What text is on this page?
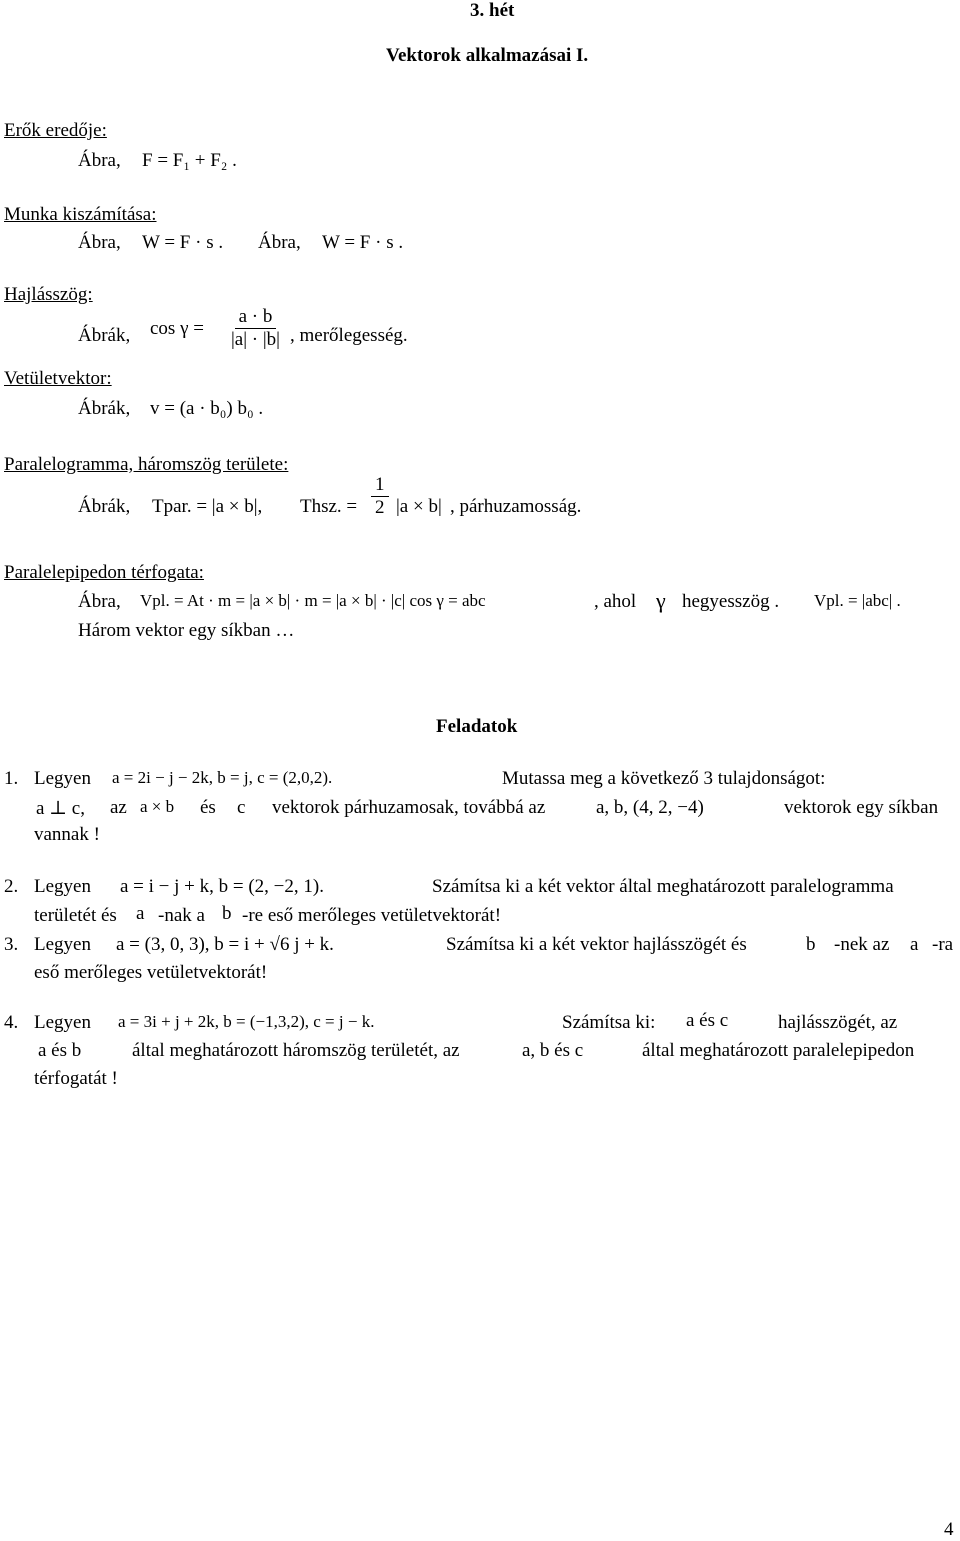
3. hét
Vektorok alkalmazásai I.
Erők eredője:
Ábra, F = F₁ + F₂ .
Munka kiszámítása:
Ábra, W = F · s . Ábra, W = F · s .
Hajlásszög:
Ábrák, $\cos \gamma = \frac{a \cdot b}{|a| \cdot |b|}$ , merőlegesség.
Vetületvektor:
Ábrák, v = (a · b₀) b₀ .
Paralelogramma, háromszög területe:
Ábrák, Tpar. = |a × b|, Thsz. = $\frac{1}{2} |a \times b|$ , párhuzamosság.
Paralelepipedon térfogata:
Ábra, Vpl. = At · m = |a × b| · m = |a × b| · |c| cos γ = abc	, ahol γ hegyesszög . Vpl. = |abc| .
Három vektor egy síkban …
Feladatok
1. Legyen a = 2i − j − 2k, b = j, c = (2,0,2).	Mutassa meg a következő 3 tulajdonságot:
a ⊥ c, az a × b és c vektorok párhuzamosak, továbbá az	a, b, (4, 2, −4)	vektorok egy síkban
vannak !
2. Legyen a = i − j + k, b = (2, −2, 1).	Számítsa ki a két vektor által meghatározott paralelogramma
területét és a -nak a b -re eső merőleges vetületvektorát!
3. Legyen a = (3, 0, 3), b = i + √6 j + k.	Számítsa ki a két vektor hajlásszögét és	b -nek az a -ra
eső merőleges vetületvektorát!
4. Legyen a = 3i + j + 2k, b = (−1,3,2), c = j − k.	Számítsa ki: a és c	hajlásszögét, az
a és b	által meghatározott háromszög területét, az	a, b és c	által meghatározott paralelepipedon
térfogatát !
4
